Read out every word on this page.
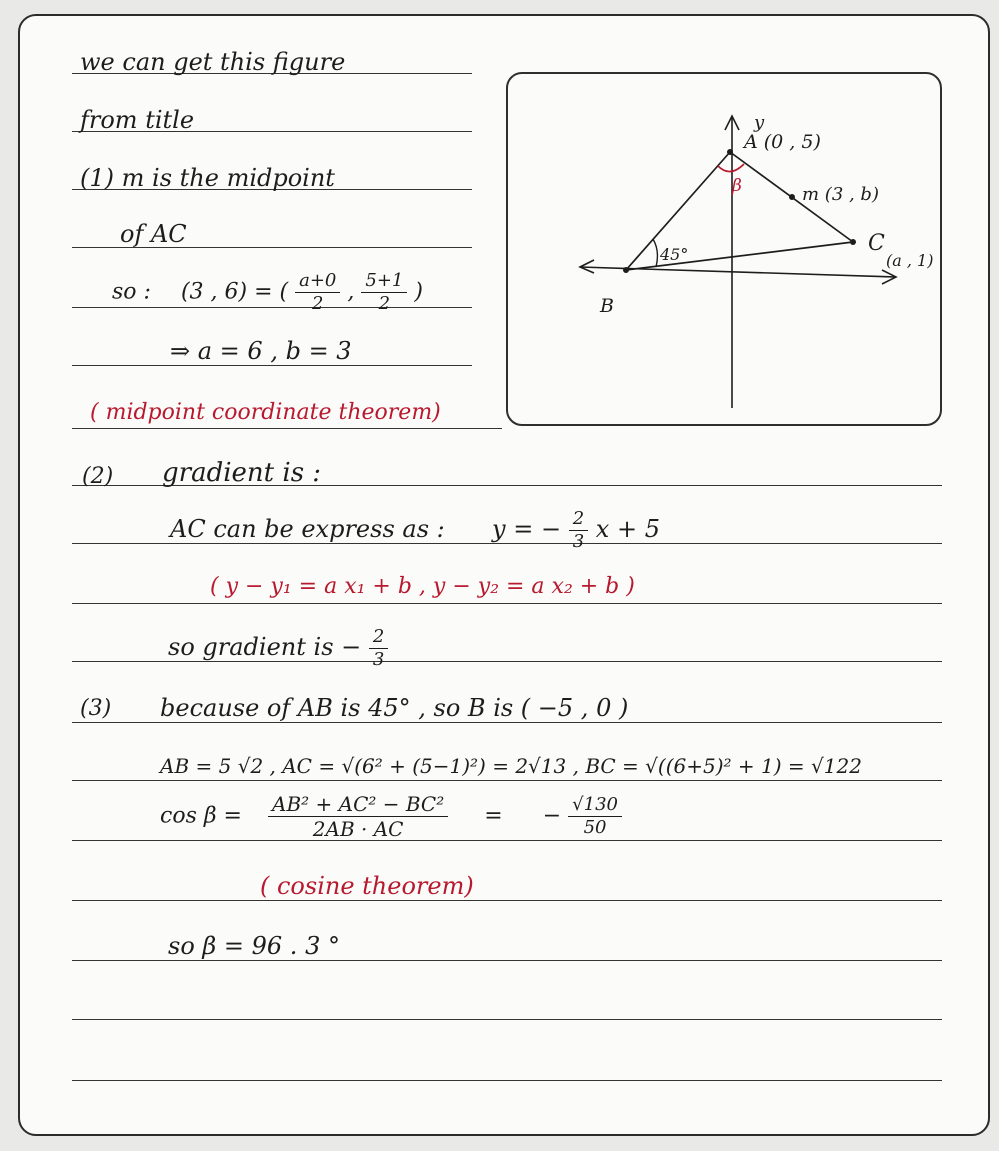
we can get this figure
from title
(1) m is the midpoint
of AC
so : (3 , 6) = ( $\frac{a+0}{2}$ , $\frac{5+1}{2}$ )
⇒ a = 6 , b = 3
( midpoint coordinate theorem)
y
A (0 , 5)
m (3 , b)
C
(a , 1)
B
45°
β
(2) gradient is :
AC can be express as : y = − $\frac{2}{3}$ x + 5
( y − y₁ = a x₁ + b , y − y₂ = a x₂ + b )
so gradient is − $\frac{2}{3}$
(3) because of AB is 45° , so B is ( −5 , 0 )
AB = 5 √2 , AC = √(6² + (5−1)²) = 2√13 , BC = √((6+5)² + 1) = √122
$\cos \beta = \frac{\text{AB² + AC² − BC²}}{2AB \cdot AC}$ = − $\frac{√130}{50}$
( cosine theorem)
so β = 96 . 3 °
